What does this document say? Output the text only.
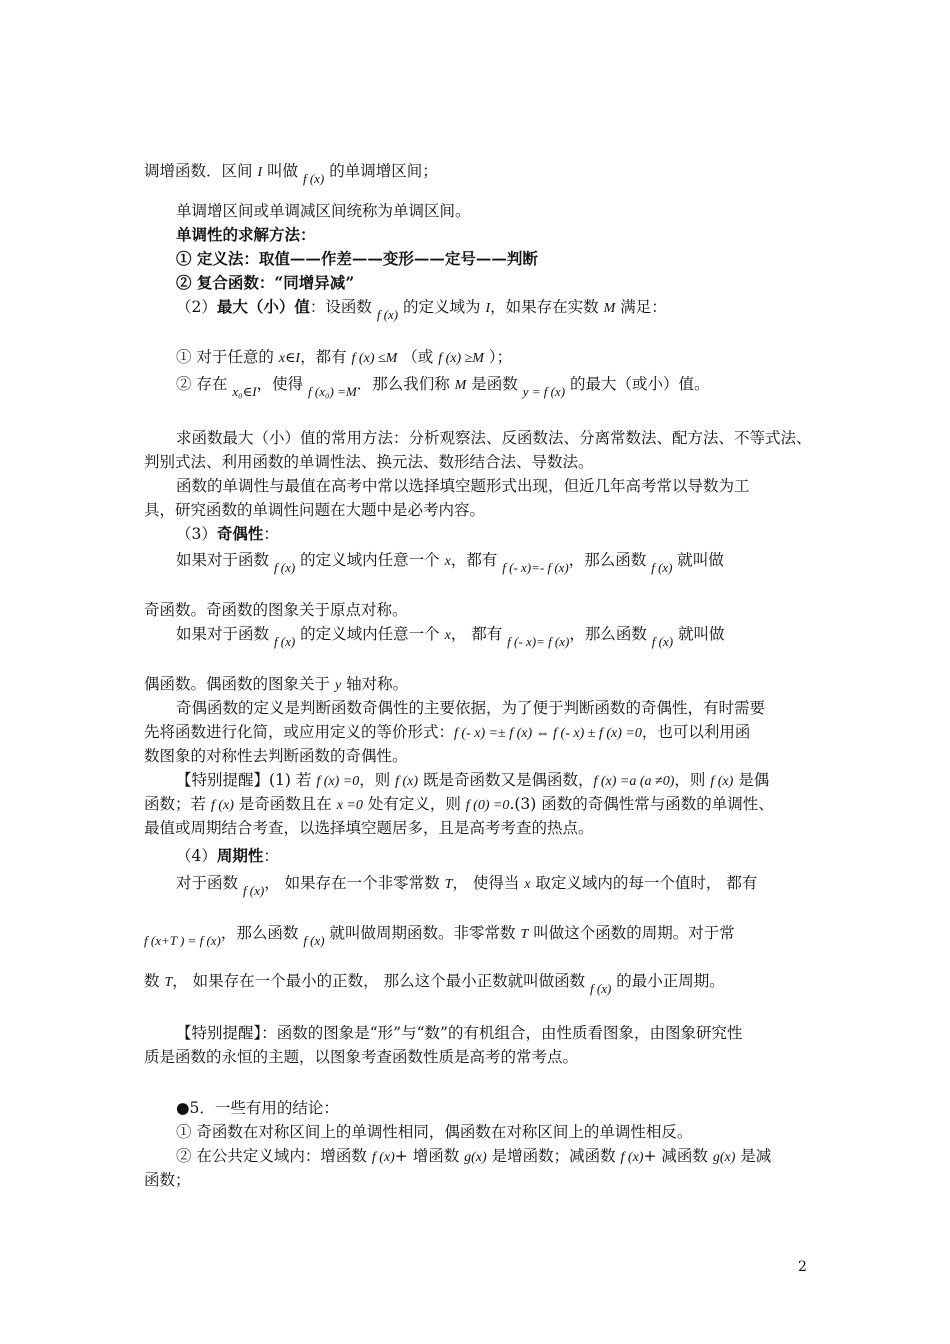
2
调增函数．区间 I 叫做 $_{f (x)}$ 的单调增区间；
单调增区间或单调减区间统称为单调区间。
单调性的求解方法：
① 定义法：取值——作差——变形——定号——判断
② 复合函数：“同增异减”
（2）最大（小）值：设函数 $_{f (x)}$ 的定义域为 I，如果存在实数 M 满足：
① 对于任意的 x∈I，都有 f (x) ≤M （或 f (x) ≥M ）；
② 存在 $_{x_0\in I}$，使得 $_{f (x_0) =M}$．那么我们称 M 是函数 $_{y = f (x)}$ 的最大（或小）值。
求函数最大（小）值的常用方法：分析观察法、反函数法、分离常数法、配方法、不等式法、
判别式法、利用函数的单调性法、换元法、数形结合法、导数法。
函数的单调性与最值在高考中常以选择填空题形式出现，但近几年高考常以导数为工
具，研究函数的单调性问题在大题中是必考内容。
（3）奇偶性：
如果对于函数 $_{f (x)}$ 的定义域内任意一个 x，都有 $_{f (- x)=- f (x)}$，那么函数 $_{f (x)}$ 就叫做
奇函数。奇函数的图象关于原点对称。
如果对于函数 $_{f (x)}$ 的定义域内任意一个 x， 都有 $_{f (- x)= f (x)}$，那么函数 $_{f (x)}$ 就叫做
偶函数。偶函数的图象关于 y 轴对称。
奇偶函数的定义是判断函数奇偶性的主要依据，为了便于判断函数的奇偶性，有时需要
先将函数进行化简，或应用定义的等价形式：f (- x) =± f (x) ⇔ f (- x) ± f (x) =0，也可以利用函
数图象的对称性去判断函数的奇偶性。
【特别提醒】(1) 若 f (x) =0，则 f (x) 既是奇函数又是偶函数，f (x) =a (a ≠0)，则 f (x) 是偶
函数；若 f (x) 是奇函数且在 x =0 处有定义，则 f (0) =0.(3) 函数的奇偶性常与函数的单调性、
最值或周期结合考查，以选择填空题居多，且是高考考查的热点。
（4）周期性：
对于函数 $_{f (x)}$， 如果存在一个非零常数 T， 使得当 x 取定义域内的每一个值时， 都有
$_{f (x+T ) = f (x)}$，那么函数 $_{f (x)}$ 就叫做周期函数。非零常数 T 叫做这个函数的周期。对于常
数 T， 如果存在一个最小的正数， 那么这个最小正数就叫做函数 $_{f (x)}$ 的最小正周期。
【特别提醒】：函数的图象是“形”与“数”的有机组合，由性质看图象，由图象研究性
质是函数的永恒的主题，以图象考查函数性质是高考的常考点。
●5．一些有用的结论：
① 奇函数在对称区间上的单调性相同，偶函数在对称区间上的单调性相反。
② 在公共定义域内：增函数 f (x)+ 增函数 g(x) 是增函数；减函数 f (x)+ 减函数 g(x) 是减
函数；
